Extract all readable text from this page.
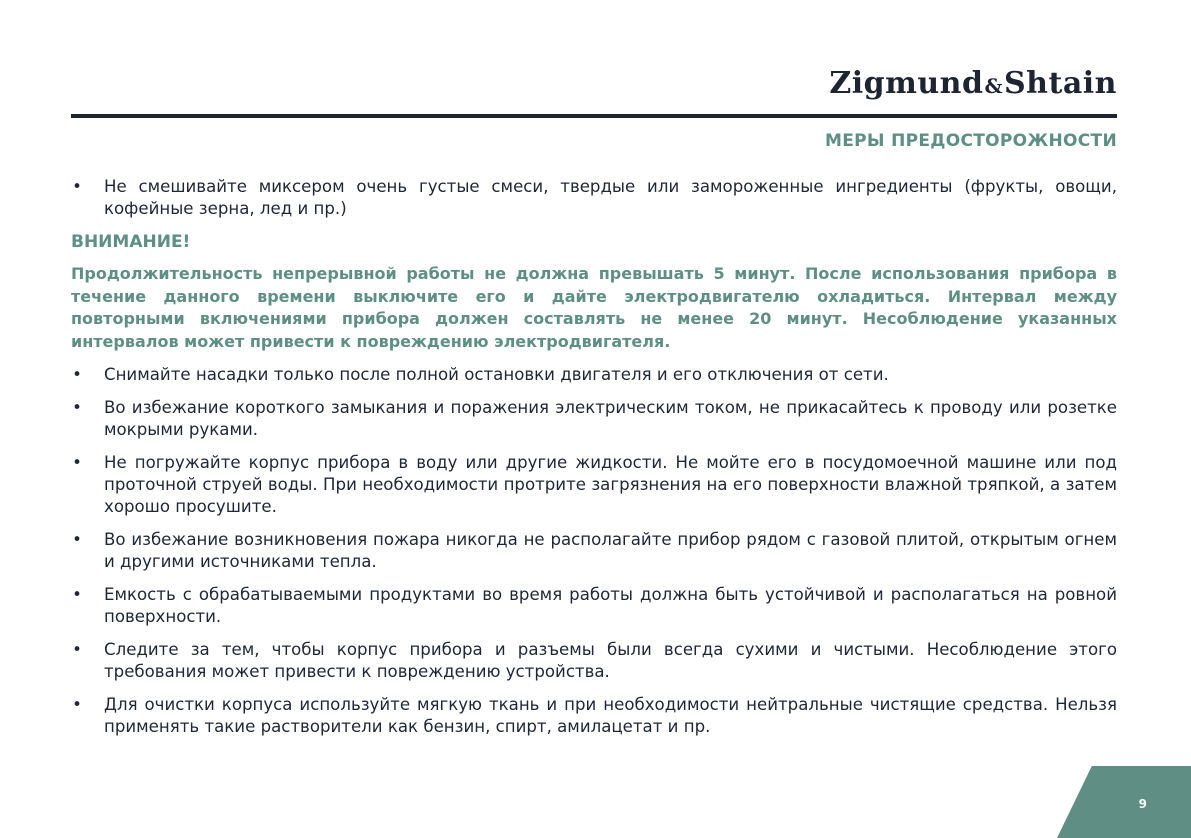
Zigmund&Shtain
МЕРЫ ПРЕДОСТОРОЖНОСТИ
• Не смешивайте миксером очень густые смеси, твердые или замороженные ингредиенты (фрукты, овощи, кофейные зерна, лед и пр.)
ВНИМАНИЕ!
Продолжительность непрерывной работы не должна превышать 5 минут. После использования прибора в течение данного времени выключите его и дайте электродвигателю охладиться. Интервал между повторными включениями прибора должен составлять не менее 20 минут. Несоблюдение указанных интервалов может привести к повреждению электродвигателя.
• Снимайте насадки только после полной остановки двигателя и его отключения от сети.
• Во избежание короткого замыкания и поражения электрическим током, не прикасайтесь к проводу или розетке мокрыми руками.
• Не погружайте корпус прибора в воду или другие жидкости. Не мойте его в посудомоечной машине или под проточной струей воды. При необходимости протрите загрязнения на его поверхности влажной тряпкой, а затем хорошо просушите.
• Во избежание возникновения пожара никогда не располагайте прибор рядом с газовой плитой, открытым огнем и другими источниками тепла.
• Емкость с обрабатываемыми продуктами во время работы должна быть устойчивой и располагаться на ровной поверхности.
• Следите за тем, чтобы корпус прибора и разъемы были всегда сухими и чистыми. Несоблюдение этого требования может привести к повреждению устройства.
• Для очистки корпуса используйте мягкую ткань и при необходимости нейтральные чистящие средства. Нельзя применять такие растворители как бензин, спирт, амилацетат и пр.
9
